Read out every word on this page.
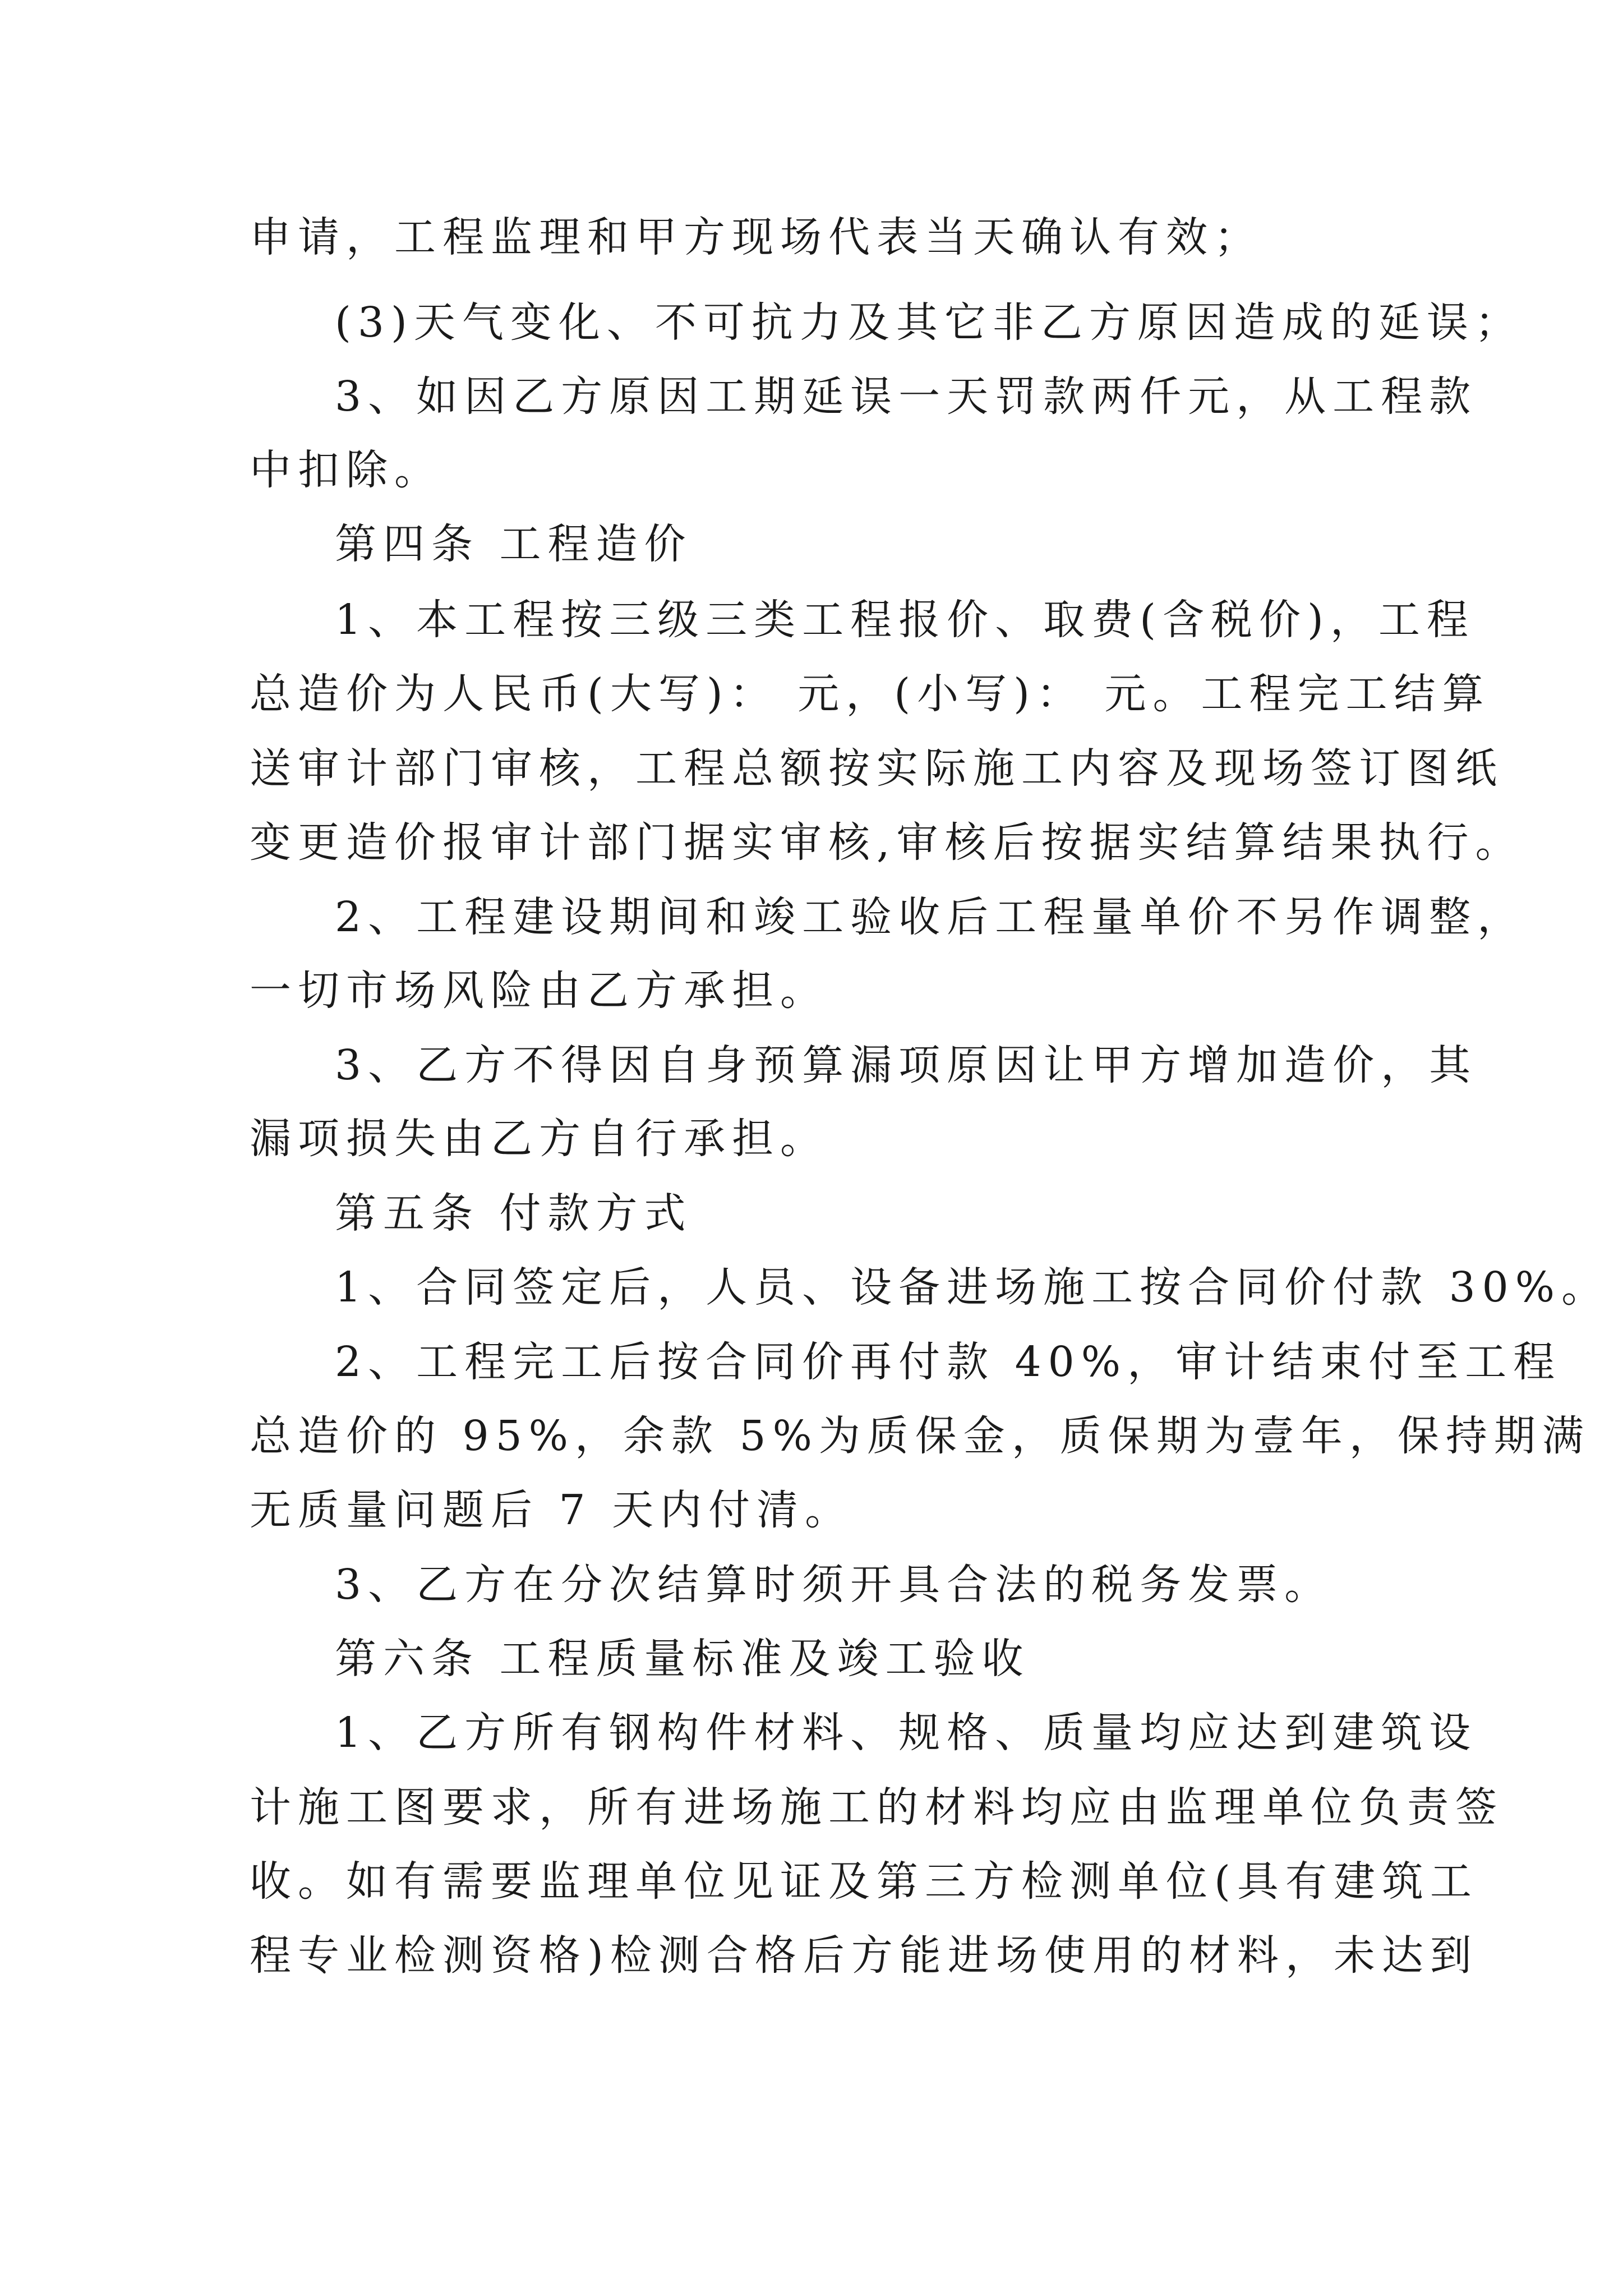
申请，工程监理和甲方现场代表当天确认有效；
(3)天气变化、不可抗力及其它非乙方原因造成的延误；
3、如因乙方原因工期延误一天罚款两仟元，从工程款
中扣除。
第四条 工程造价
1、本工程按三级三类工程报价、取费(含税价)，工程
总造价为人民币(大写)： 元，(小写)： 元。工程完工结算
送审计部门审核，工程总额按实际施工内容及现场签订图纸
变更造价报审计部门据实审核,审核后按据实结算结果执行。
2、工程建设期间和竣工验收后工程量单价不另作调整，
一切市场风险由乙方承担。
3、乙方不得因自身预算漏项原因让甲方增加造价，其
漏项损失由乙方自行承担。
第五条 付款方式
1、合同签定后，人员、设备进场施工按合同价付款 30%。
2、工程完工后按合同价再付款 40%，审计结束付至工程
总造价的 95%，余款 5%为质保金，质保期为壹年，保持期满
无质量问题后 7 天内付清。
3、乙方在分次结算时须开具合法的税务发票。
第六条 工程质量标准及竣工验收
1、乙方所有钢构件材料、规格、质量均应达到建筑设
计施工图要求，所有进场施工的材料均应由监理单位负责签
收。如有需要监理单位见证及第三方检测单位(具有建筑工
程专业检测资格)检测合格后方能进场使用的材料，未达到
